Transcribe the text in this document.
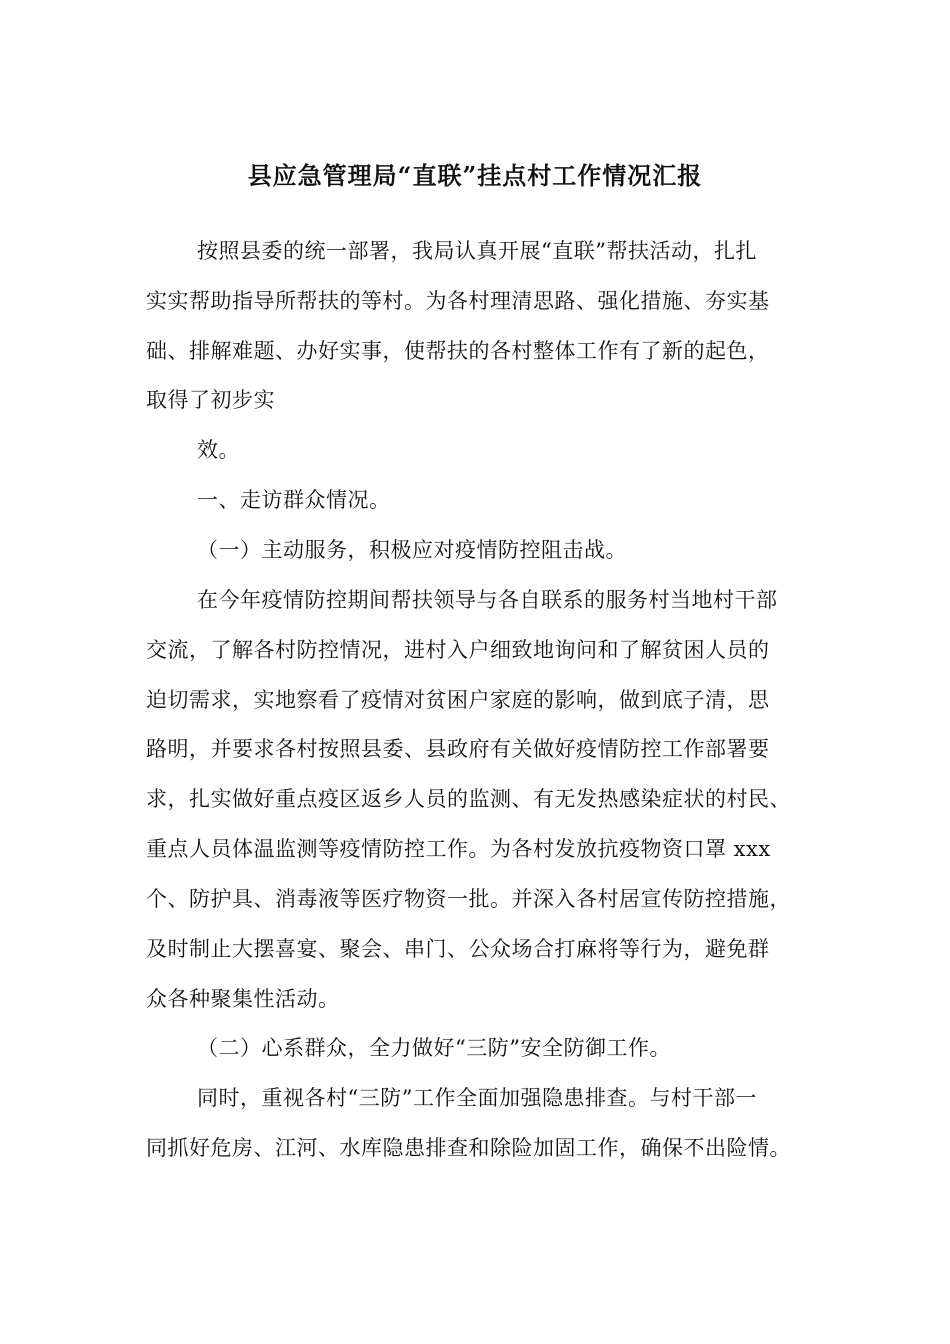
县应急管理局“直联”挂点村工作情况汇报
按照县委的统一部署，我局认真开展“直联”帮扶活动，扎扎
实实帮助指导所帮扶的等村。为各村理清思路、强化措施、夯实基
础、排解难题、办好实事，使帮扶的各村整体工作有了新的起色，
取得了初步实
效。
一、走访群众情况。
（一）主动服务，积极应对疫情防控阻击战。
在今年疫情防控期间帮扶领导与各自联系的服务村当地村干部
交流，了解各村防控情况，进村入户细致地询问和了解贫困人员的
迫切需求，实地察看了疫情对贫困户家庭的影响，做到底子清，思
路明，并要求各村按照县委、县政府有关做好疫情防控工作部署要
求，扎实做好重点疫区返乡人员的监测、有无发热感染症状的村民、
重点人员体温监测等疫情防控工作。为各村发放抗疫物资口罩 xxx
个、防护具、消毒液等医疗物资一批。并深入各村居宣传防控措施，
及时制止大摆喜宴、聚会、串门、公众场合打麻将等行为，避免群
众各种聚集性活动。
（二）心系群众，全力做好“三防”安全防御工作。
同时，重视各村“三防”工作全面加强隐患排查。与村干部一
同抓好危房、江河、水库隐患排查和除险加固工作，确保不出险情。
